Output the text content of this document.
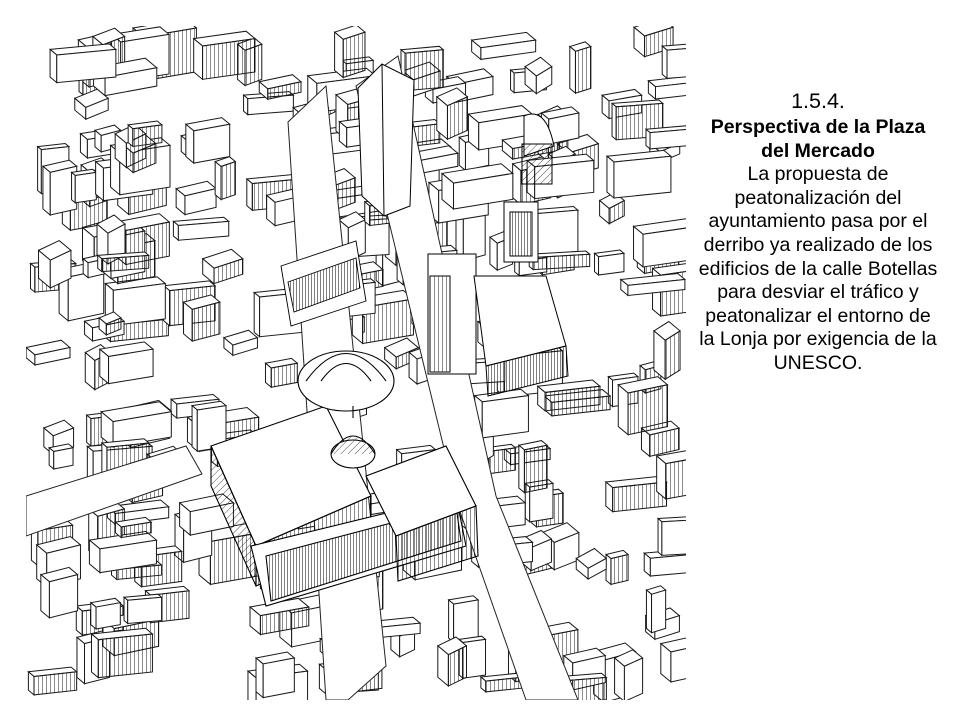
1.5.4.
Perspectiva de la Plaza del Mercado
La propuesta de peatonalización del ayuntamiento pasa por el derribo ya realizado de los edificios de la calle Botellas para desviar el tráfico y peatonalizar el entorno de la Lonja por exigencia de la UNESCO.
